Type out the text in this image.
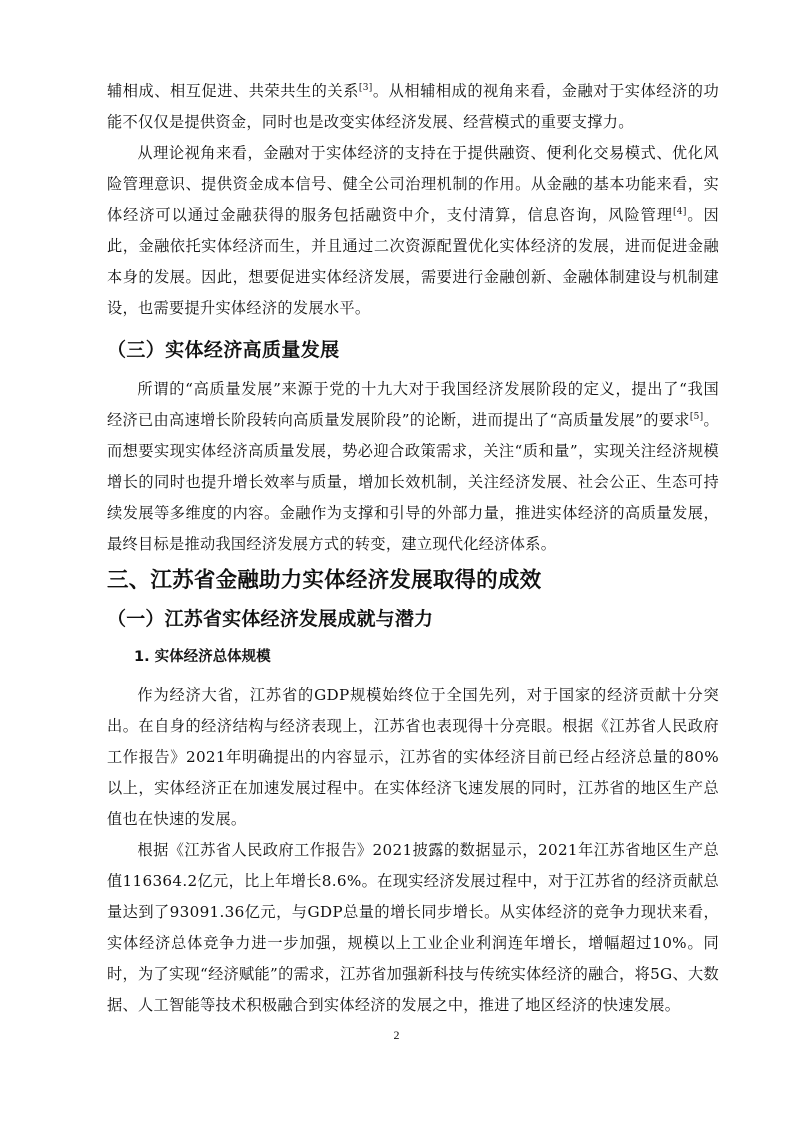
辅相成、相互促进、共荣共生的关系[3]。从相辅相成的视角来看，金融对于实体经济的功能不仅仅是提供资金，同时也是改变实体经济发展、经营模式的重要支撑力。

从理论视角来看，金融对于实体经济的支持在于提供融资、便利化交易模式、优化风险管理意识、提供资金成本信号、健全公司治理机制的作用。从金融的基本功能来看，实体经济可以通过金融获得的服务包括融资中介，支付清算，信息咨询，风险管理[4]。因此，金融依托实体经济而生，并且通过二次资源配置优化实体经济的发展，进而促进金融本身的发展。因此，想要促进实体经济发展，需要进行金融创新、金融体制建设与机制建设，也需要提升实体经济的发展水平。

（三）实体经济高质量发展

所谓的“高质量发展”来源于党的十九大对于我国经济发展阶段的定义，提出了“我国经济已由高速增长阶段转向高质量发展阶段”的论断，进而提出了“高质量发展”的要求[5]。而想要实现实体经济高质量发展，势必迎合政策需求，关注“质和量”，实现关注经济规模增长的同时也提升增长效率与质量，增加长效机制，关注经济发展、社会公正、生态可持续发展等多维度的内容。金融作为支撑和引导的外部力量，推进实体经济的高质量发展，最终目标是推动我国经济发展方式的转变，建立现代化经济体系。

三、江苏省金融助力实体经济发展取得的成效
（一）江苏省实体经济发展成就与潜力
1. 实体经济总体规模

作为经济大省，江苏省的GDP规模始终位于全国先列，对于国家的经济贡献十分突出。在自身的经济结构与经济表现上，江苏省也表现得十分亮眼。根据《江苏省人民政府工作报告》2021年明确提出的内容显示，江苏省的实体经济目前已经占经济总量的80%以上，实体经济正在加速发展过程中。在实体经济飞速发展的同时，江苏省的地区生产总值也在快速的发展。

根据《江苏省人民政府工作报告》2021披露的数据显示，2021年江苏省地区生产总值116364.2亿元，比上年增长8.6%。在现实经济发展过程中，对于江苏省的经济贡献总量达到了93091.36亿元，与GDP总量的增长同步增长。从实体经济的竞争力现状来看，实体经济总体竞争力进一步加强，规模以上工业企业利润连年增长，增幅超过10%。同时，为了实现“经济赋能”的需求，江苏省加强新科技与传统实体经济的融合，将5G、大数据、人工智能等技术积极融合到实体经济的发展之中，推进了地区经济的快速发展。

2
